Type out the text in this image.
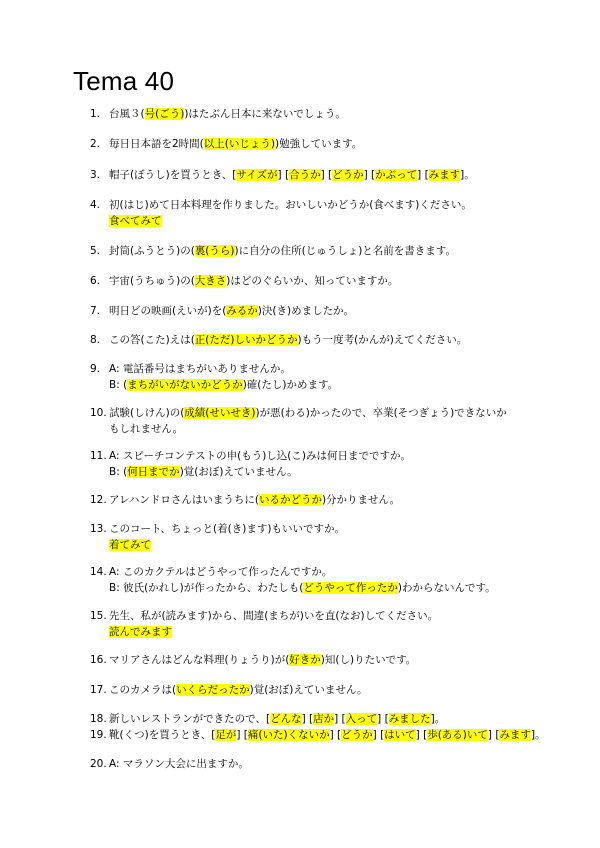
Tema 40
1. 台風３(号(ごう))はたぶん日本に来ないでしょう。
2. 毎日日本語を2時間(以上(いじょう))勉強しています。
3. 帽子(ぼうし)を買うとき、[サイズが] [合うか] [どうか] [かぶって] [みます]。
4. 初(はじ)めて日本料理を作りました。おいしいかどうか(食べます)ください。
食べてみて
5. 封筒(ふうとう)の(裏(うら))に自分の住所(じゅうしょ)と名前を書きます。
6. 宇宙(うちゅう)の(大きさ)はどのぐらいか、知っていますか。
7. 明日どの映画(えいが)を(みるか)決(き)めましたか。
8. この答(こた)えは(正(ただ)しいかどうか)もう一度考(かんが)えてください。
9. A: 電話番号はまちがいありませんか。
B: (まちがいがないかどうか)確(たし)かめます。
10. 試験(しけん)の(成績(せいせき))が悪(わる)かったので、卒業(そつぎょう)できないか
もしれません。
11. A: スピーチコンテストの申(もう)し込(こ)みは何日までですか。
B: (何日までか)覚(おぼ)えていません。
12. アレハンドロさんはいまうちに(いるかどうか)分かりません。
13. このコート、ちょっと(着(き)ます)もいいですか。
着てみて
14. A: このカクテルはどうやって作ったんですか。
B: 彼氏(かれし)が作ったから、わたしも(どうやって作ったか)わからないんです。
15. 先生、私が(読みます)から、間違(まちが)いを直(なお)してください。
読んでみます
16. マリアさんはどんな料理(りょうり)が(好きか)知(し)りたいです。
17. このカメラは(いくらだったか)覚(おぼ)えていません。
18. 新しいレストランができたので、[どんな] [店か] [入って] [みました]。
19. 靴(くつ)を買うとき、[足が] [痛(いた)くないか] [どうか] [はいて] [歩(ある)いて] [みます]。
20. A: マラソン大会に出ますか。
